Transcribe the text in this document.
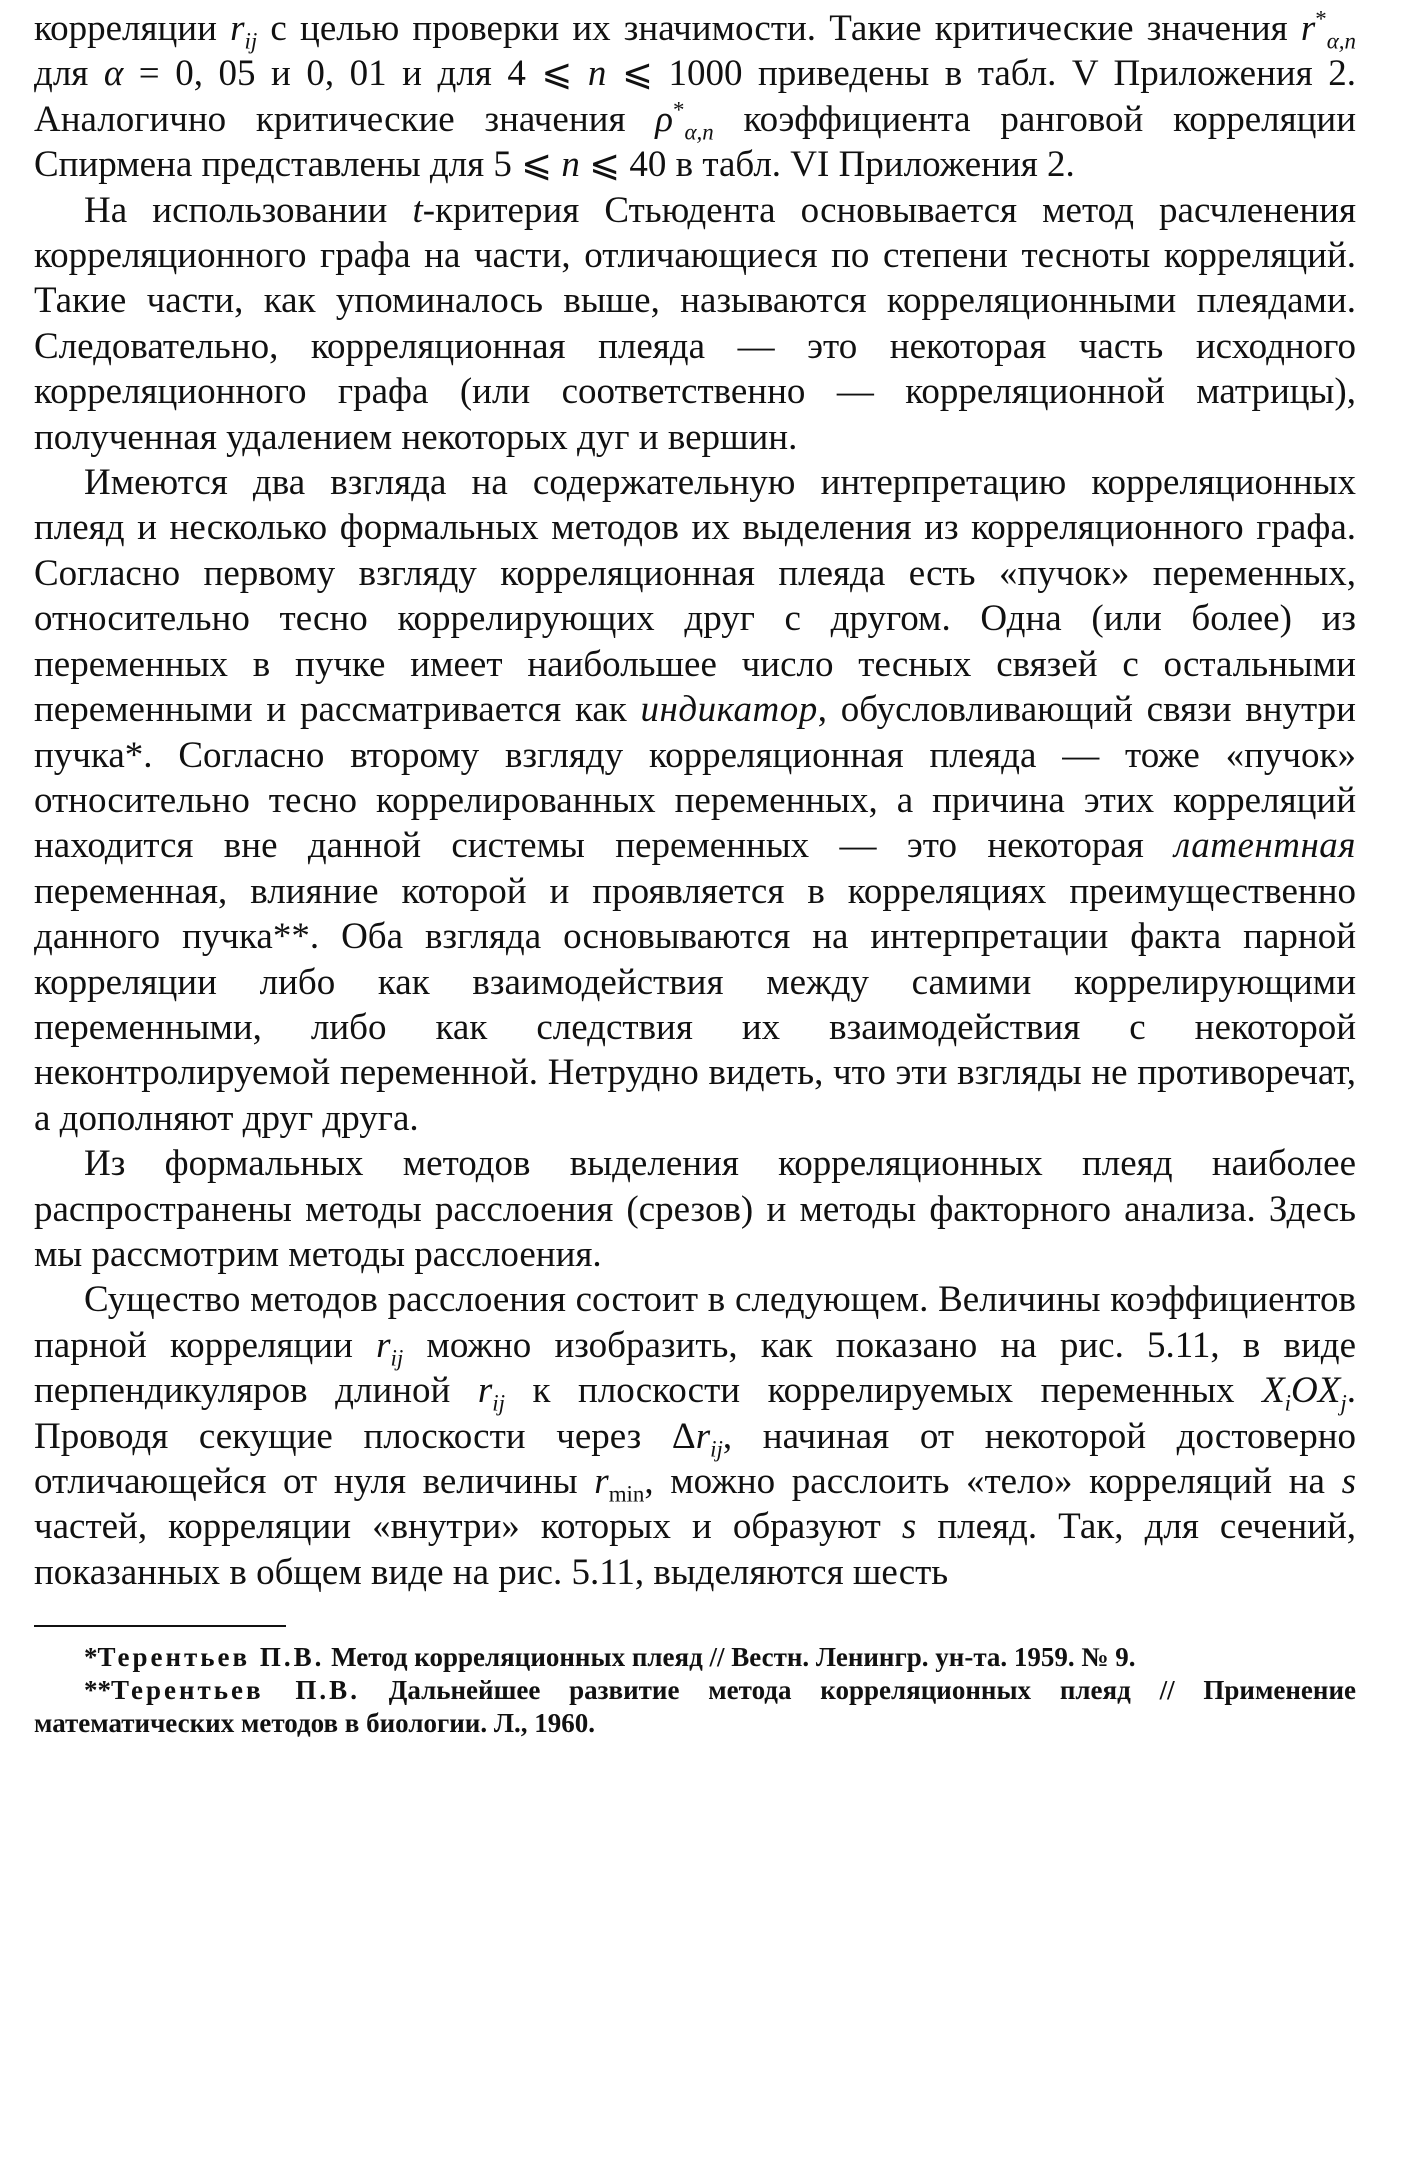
корреляции $r_{ij}$ с целью проверки их значимости. Такие критические значения $r^*_{\alpha,n}$ для α = 0, 05 и 0, 01 и для 4 ⩽ n ⩽ 1000 приведены в табл. V Приложения 2. Аналогично критические значения $\rho^*_{\alpha,n}$ коэффициента ранговой корреляции Спирмена представлены для 5 ⩽ n ⩽ 40 в табл. VI Приложения 2.

На использовании t-критерия Стьюдента основывается метод расчленения корреляционного графа на части, отличающиеся по степени тесноты корреляций. Такие части, как упоминалось выше, называются корреляционными плеядами. Следовательно, корреляционная плеяда — это некоторая часть исходного корреляционного графа (или соответственно — корреляционной матрицы), полученная удалением некоторых дуг и вершин.

Имеются два взгляда на содержательную интерпретацию корреляционных плеяд и несколько формальных методов их выделения из корреляционного графа. Согласно первому взгляду корреляционная плеяда есть «пучок» переменных, относительно тесно коррелирующих друг с другом. Одна (или более) из переменных в пучке имеет наибольшее число тесных связей с остальными переменными и рассматривается как индикатор, обусловливающий связи внутри пучка*. Согласно второму взгляду корреляционная плеяда — тоже «пучок» относительно тесно коррелированных переменных, а причина этих корреляций находится вне данной системы переменных — это некоторая латентная переменная, влияние которой и проявляется в корреляциях преимущественно данного пучка**. Оба взгляда основываются на интерпретации факта парной корреляции либо как взаимодействия между самими коррелирующими переменными, либо как следствия их взаимодействия с некоторой неконтролируемой переменной. Нетрудно видеть, что эти взгляды не противоречат, а дополняют друг друга.

Из формальных методов выделения корреляционных плеяд наиболее распространены методы расслоения (срезов) и методы факторного анализа. Здесь мы рассмотрим методы расслоения.

Существо методов расслоения состоит в следующем. Величины коэффициентов парной корреляции $r_{ij}$ можно изобразить, как показано на рис. 5.11, в виде перпендикуляров длиной $r_{ij}$ к плоскости коррелируемых переменных $X_iOX_j$. Проводя секущие плоскости через $\Delta r_{ij}$, начиная от некоторой достоверно отличающейся от нуля величины $r_{min}$, можно расслоить «тело» корреляций на s частей, корреляции «внутри» которых и образуют s плеяд. Так, для сечений, показанных в общем виде на рис. 5.11, выделяются шесть

*Терентьев П.В. Метод корреляционных плеяд // Вестн. Ленингр. ун-та. 1959. № 9.

**Терентьев П.В. Дальнейшее развитие метода корреляционных плеяд // Применение математических методов в биологии. Л., 1960.
